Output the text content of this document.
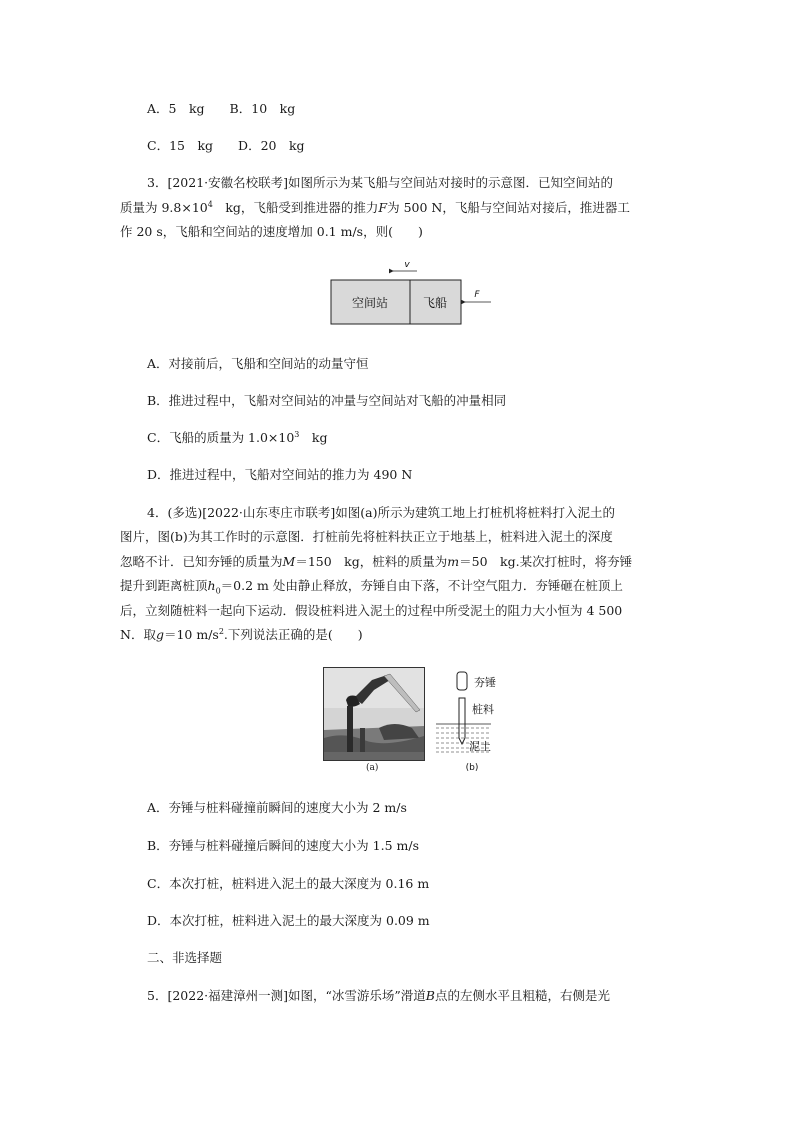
A．5　kg　　B．10　kg
C．15　kg　　D．20　kg
3．[2021·安徽名校联考]如图所示为某飞船与空间站对接时的示意图．已知空间站的
质量为 $9.8\times 10^4$　kg，飞船受到推进器的推力F为 500 N，飞船与空间站对接后，推进器工
作 20 s，飞船和空间站的速度增加 0.1 m/s，则(　　)
空间站	飞船
v
F
A．对接前后，飞船和空间站的动量守恒
B．推进过程中，飞船对空间站的冲量与空间站对飞船的冲量相同
C．飞船的质量为 $1.0\times 10^3$　kg
D．推进过程中，飞船对空间站的推力为 490 N
4．(多选)[2022·山东枣庄市联考]如图(a)所示为建筑工地上打桩机将桩料打入泥土的
图片，图(b)为其工作时的示意图．打桩前先将桩料扶正立于地基上，桩料进入泥土的深度
忽略不计．已知夯锤的质量为M＝150　kg，桩料的质量为m＝50　kg.某次打桩时，将夯锤
提升到距离桩顶$h_0=0.2$ m 处由静止释放，夯锤自由下落，不计空气阻力．夯锤砸在桩顶上
后，立刻随桩料一起向下运动．假设桩料进入泥土的过程中所受泥土的阻力大小恒为 4 500
N．取g＝10 $m/s^2$.下列说法正确的是(　　)
(a)
夯锤
桩料
泥土
(b)
A．夯锤与桩料碰撞前瞬间的速度大小为 2 m/s
B．夯锤与桩料碰撞后瞬间的速度大小为 1.5 m/s
C．本次打桩，桩料进入泥土的最大深度为 0.16 m
D．本次打桩，桩料进入泥土的最大深度为 0.09 m
二、非选择题
5．[2022·福建漳州一测]如图，“冰雪游乐场”滑道B点的左侧水平且粗糙，右侧是光
